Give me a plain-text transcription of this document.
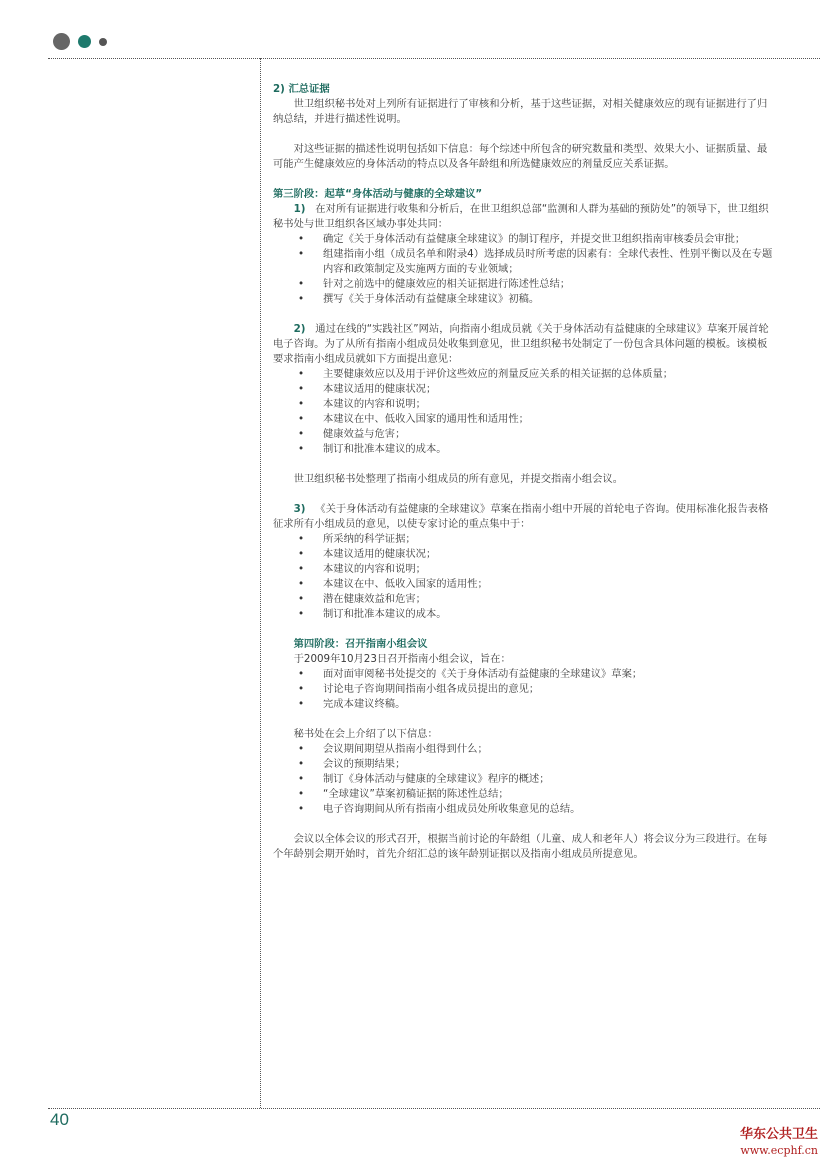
2) 汇总证据

世卫组织秘书处对上列所有证据进行了审核和分析，基于这些证据，对相关健康效应的现有证据进行了归纳总结，并进行描述性说明。

对这些证据的描述性说明包括如下信息：每个综述中所包含的研究数量和类型、效果大小、证据质量、最可能产生健康效应的身体活动的特点以及各年龄组和所选健康效应的剂量反应关系证据。

第三阶段：起草“身体活动与健康的全球建议”

1) 在对所有证据进行收集和分析后，在世卫组织总部“监测和人群为基础的预防处”的领导下，世卫组织秘书处与世卫组织各区域办事处共同：

• 确定《关于身体活动有益健康全球建议》的制订程序，并提交世卫组织指南审核委员会审批；
• 组建指南小组（成员名单和附录4）选择成员时所考虑的因素有：全球代表性、性别平衡以及在专题内容和政策制定及实施两方面的专业领域；
• 针对之前选中的健康效应的相关证据进行陈述性总结；
• 撰写《关于身体活动有益健康全球建议》初稿。

2) 通过在线的“实践社区”网站，向指南小组成员就《关于身体活动有益健康的全球建议》草案开展首轮电子咨询。为了从所有指南小组成员处收集到意见，世卫组织秘书处制定了一份包含具体问题的模板。该模板要求指南小组成员就如下方面提出意见：

• 主要健康效应以及用于评价这些效应的剂量反应关系的相关证据的总体质量；
• 本建议适用的健康状况；
• 本建议的内容和说明；
• 本建议在中、低收入国家的通用性和适用性；
• 健康效益与危害；
• 制订和批准本建议的成本。

世卫组织秘书处整理了指南小组成员的所有意见，并提交指南小组会议。

3) 《关于身体活动有益健康的全球建议》草案在指南小组中开展的首轮电子咨询。使用标准化报告表格征求所有小组成员的意见，以使专家讨论的重点集中于：

• 所采纳的科学证据；
• 本建议适用的健康状况；
• 本建议的内容和说明；
• 本建议在中、低收入国家的适用性；
• 潜在健康效益和危害；
• 制订和批准本建议的成本。

第四阶段：召开指南小组会议

于2009年10月23日召开指南小组会议，旨在：

• 面对面审阅秘书处提交的《关于身体活动有益健康的全球建议》草案；
• 讨论电子咨询期间指南小组各成员提出的意见；
• 完成本建议终稿。

秘书处在会上介绍了以下信息：

• 会议期间期望从指南小组得到什么；
• 会议的预期结果；
• 制订《身体活动与健康的全球建议》程序的概述；
• “全球建议”草案初稿证据的陈述性总结；
• 电子咨询期间从所有指南小组成员处所收集意见的总结。

会议以全体会议的形式召开，根据当前讨论的年龄组（儿童、成人和老年人）将会议分为三段进行。在每个年龄别会期开始时，首先介绍汇总的该年龄别证据以及指南小组成员所提意见。

40
华东公共卫生
www.ecphf.cn
